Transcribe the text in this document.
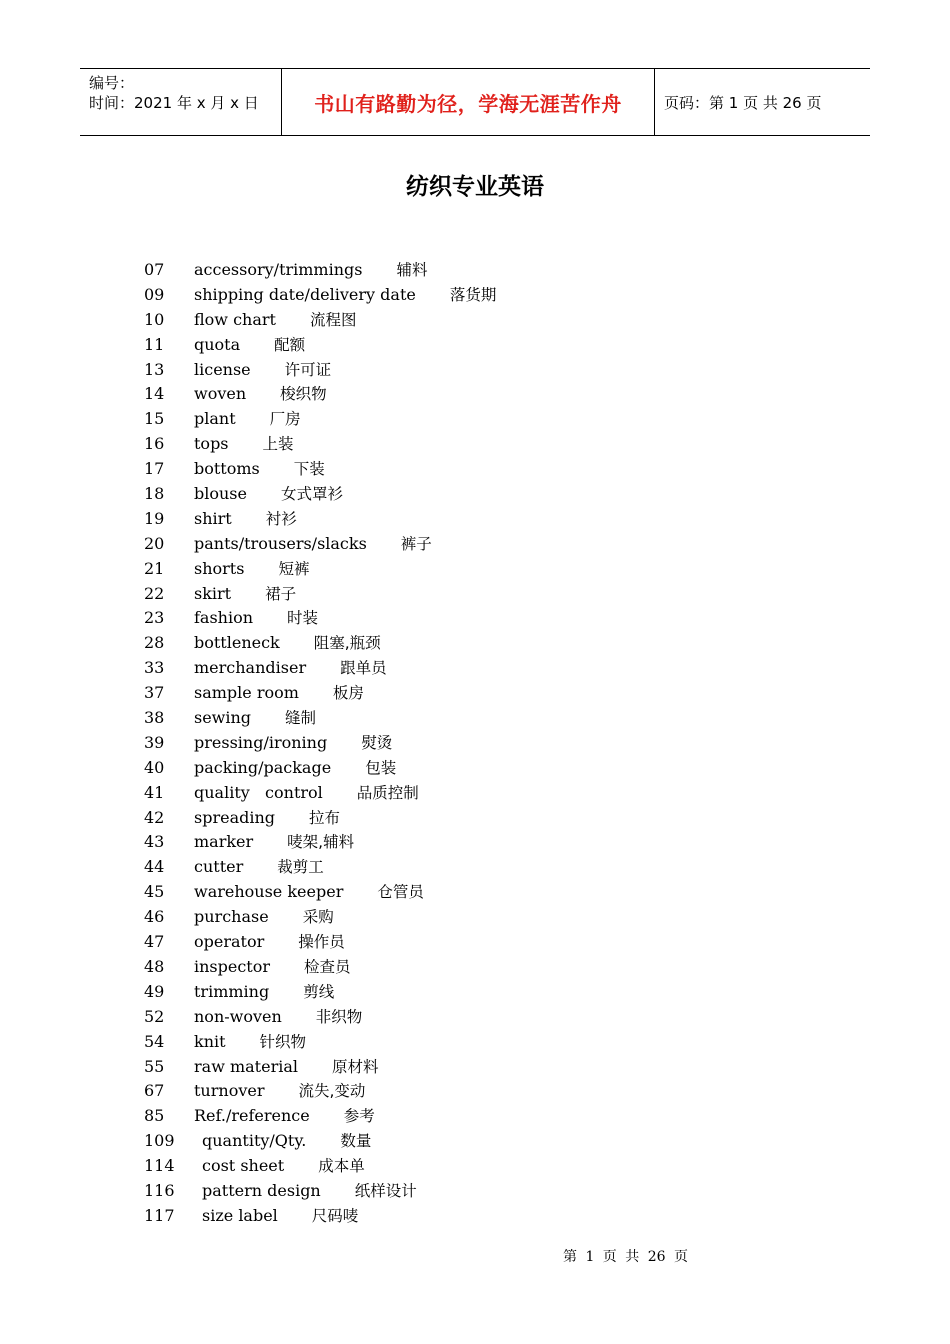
编号：
时间：2021 年 x 月 x 日	书山有路勤为径，学海无涯苦作舟	页码：第 1 页 共 26 页
纺织专业英语
07	accessory/trimmings 辅料
09	shipping date/delivery date 落货期
10	flow chart 流程图
11	quota 配额
13	license 许可证
14	woven 梭织物
15	plant 厂房
16	tops 上装
17	bottoms 下装
18	blouse 女式罩衫
19	shirt 衬衫
20	pants/trousers/slacks 裤子
21	shorts 短裤
22	skirt 裙子
23	fashion 时装
28	bottleneck 阻塞,瓶颈
33	merchandiser 跟单员
37	sample room 板房
38	sewing 缝制
39	pressing/ironing 熨烫
40	packing/package 包装
41	quality   control 品质控制
42	spreading 拉布
43	marker 唛架,辅料
44	cutter 裁剪工
45	warehouse keeper 仓管员
46	purchase 采购
47	operator 操作员
48	inspector 检查员
49	trimming 剪线
52	non-woven 非织物
54	knit 针织物
55	raw material 原材料
67	turnover 流失,变动
85	Ref./reference 参考
109	quantity/Qty. 数量
114	cost sheet 成本单
116	pattern design 纸样设计
117	size label 尺码唛
第 1 页 共 26 页
